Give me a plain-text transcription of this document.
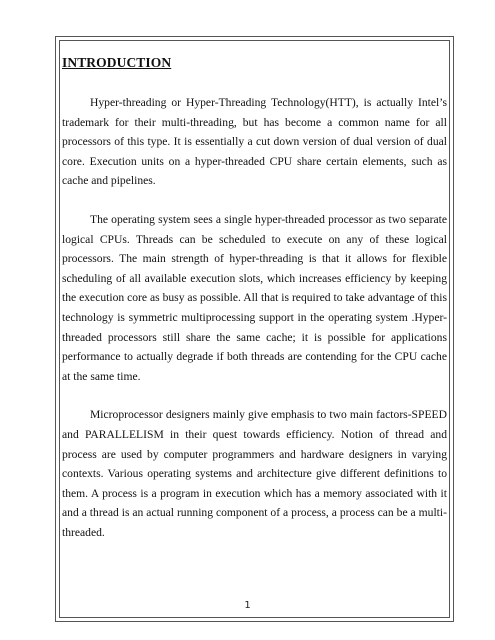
INTRODUCTION

Hyper-threading or Hyper-Threading Technology(HTT), is actually Intel’s trademark for their multi-threading, but has become a common name for all processors of this type. It is essentially a cut down version of dual version of dual core. Execution units on a hyper-threaded CPU share certain elements, such as cache and pipelines.

The operating system sees a single hyper-threaded processor as two separate logical CPUs. Threads can be scheduled to execute on any of these logical processors. The main strength of hyper-threading is that it allows for flexible scheduling of all available execution slots, which increases efficiency by keeping the execution core as busy as possible. All that is required to take advantage of this technology is symmetric multiprocessing support in the operating system .Hyper-threaded processors still share the same cache; it is possible for applications performance to actually degrade if both threads are contending for the CPU cache at the same time.

Microprocessor designers mainly give emphasis to two main factors-SPEED and PARALLELISM in their quest towards efficiency. Notion of thread and process are used by computer programmers and hardware designers in varying contexts. Various operating systems and architecture give different definitions to them. A process is a program in execution which has a memory associated with it and a thread is an actual running component of a process, a process can be a multi-threaded.

1
